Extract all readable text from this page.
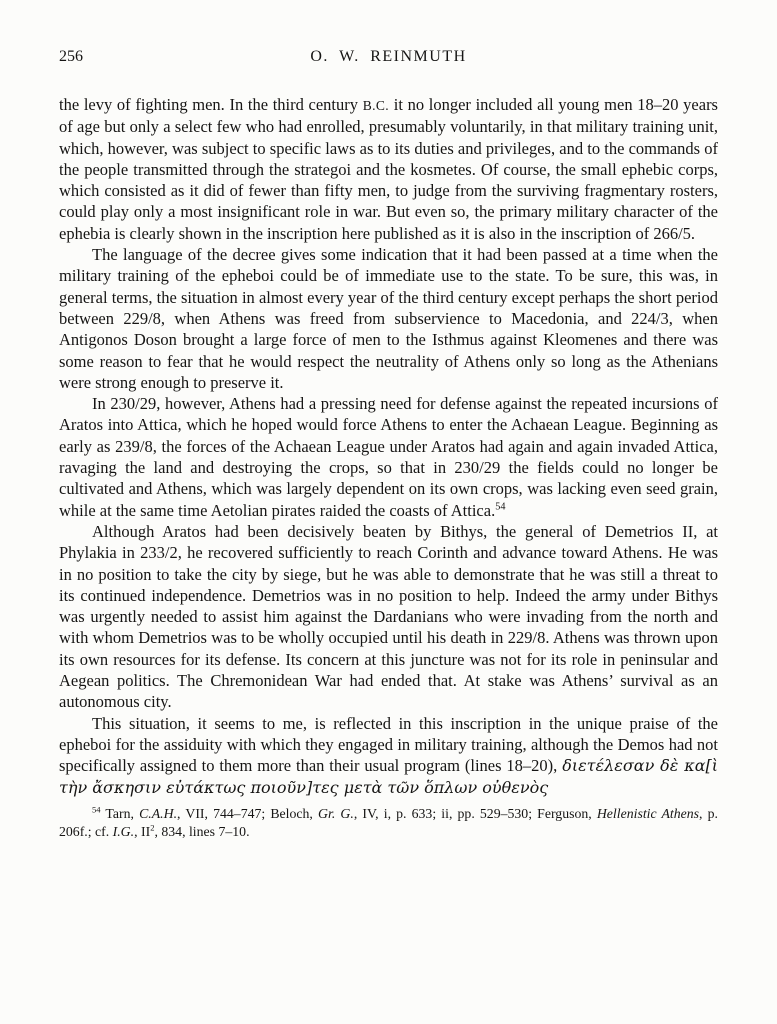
256	O. W. REINMUTH

the levy of fighting men. In the third century B.C. it no longer included all young men 18–20 years of age but only a select few who had enrolled, presumably voluntarily, in that military training unit, which, however, was subject to specific laws as to its duties and privileges, and to the commands of the people transmitted through the strategoi and the kosmetes. Of course, the small ephebic corps, which consisted as it did of fewer than fifty men, to judge from the surviving fragmentary rosters, could play only a most insignificant role in war. But even so, the primary military character of the ephebia is clearly shown in the inscription here published as it is also in the inscription of 266/5.

The language of the decree gives some indication that it had been passed at a time when the military training of the epheboi could be of immediate use to the state. To be sure, this was, in general terms, the situation in almost every year of the third century except perhaps the short period between 229/8, when Athens was freed from subservience to Macedonia, and 224/3, when Antigonos Doson brought a large force of men to the Isthmus against Kleomenes and there was some reason to fear that he would respect the neutrality of Athens only so long as the Athenians were strong enough to preserve it.

In 230/29, however, Athens had a pressing need for defense against the repeated incursions of Aratos into Attica, which he hoped would force Athens to enter the Achaean League. Beginning as early as 239/8, the forces of the Achaean League under Aratos had again and again invaded Attica, ravaging the land and destroying the crops, so that in 230/29 the fields could no longer be cultivated and Athens, which was largely dependent on its own crops, was lacking even seed grain, while at the same time Aetolian pirates raided the coasts of Attica.$^{54}$

Although Aratos had been decisively beaten by Bithys, the general of Demetrios II, at Phylakia in 233/2, he recovered sufficiently to reach Corinth and advance toward Athens. He was in no position to take the city by siege, but he was able to demonstrate that he was still a threat to its continued independence. Demetrios was in no position to help. Indeed the army under Bithys was urgently needed to assist him against the Dardanians who were invading from the north and with whom Demetrios was to be wholly occupied until his death in 229/8. Athens was thrown upon its own resources for its defense. Its concern at this juncture was not for its role in peninsular and Aegean politics. The Chremonidean War had ended that. At stake was Athens’ survival as an autonomous city.

This situation, it seems to me, is reflected in this inscription in the unique praise of the epheboi for the assiduity with which they engaged in military training, although the Demos had not specifically assigned to them more than their usual program (lines 18–20), διετέλεσαν δὲ κα[ὶ τὴν ἄσκησιν εὐτάκτως ποιοῦν]τες μετὰ τῶν ὅπλων οὐθενὸς

$^{54}$ Tarn, C.A.H., VII, 744–747; Beloch, Gr. G., IV, i, p. 633; ii, pp. 529–530; Ferguson, Hellenistic Athens, p. 206f.; cf. I.G., $II^2$, 834, lines 7–10.
